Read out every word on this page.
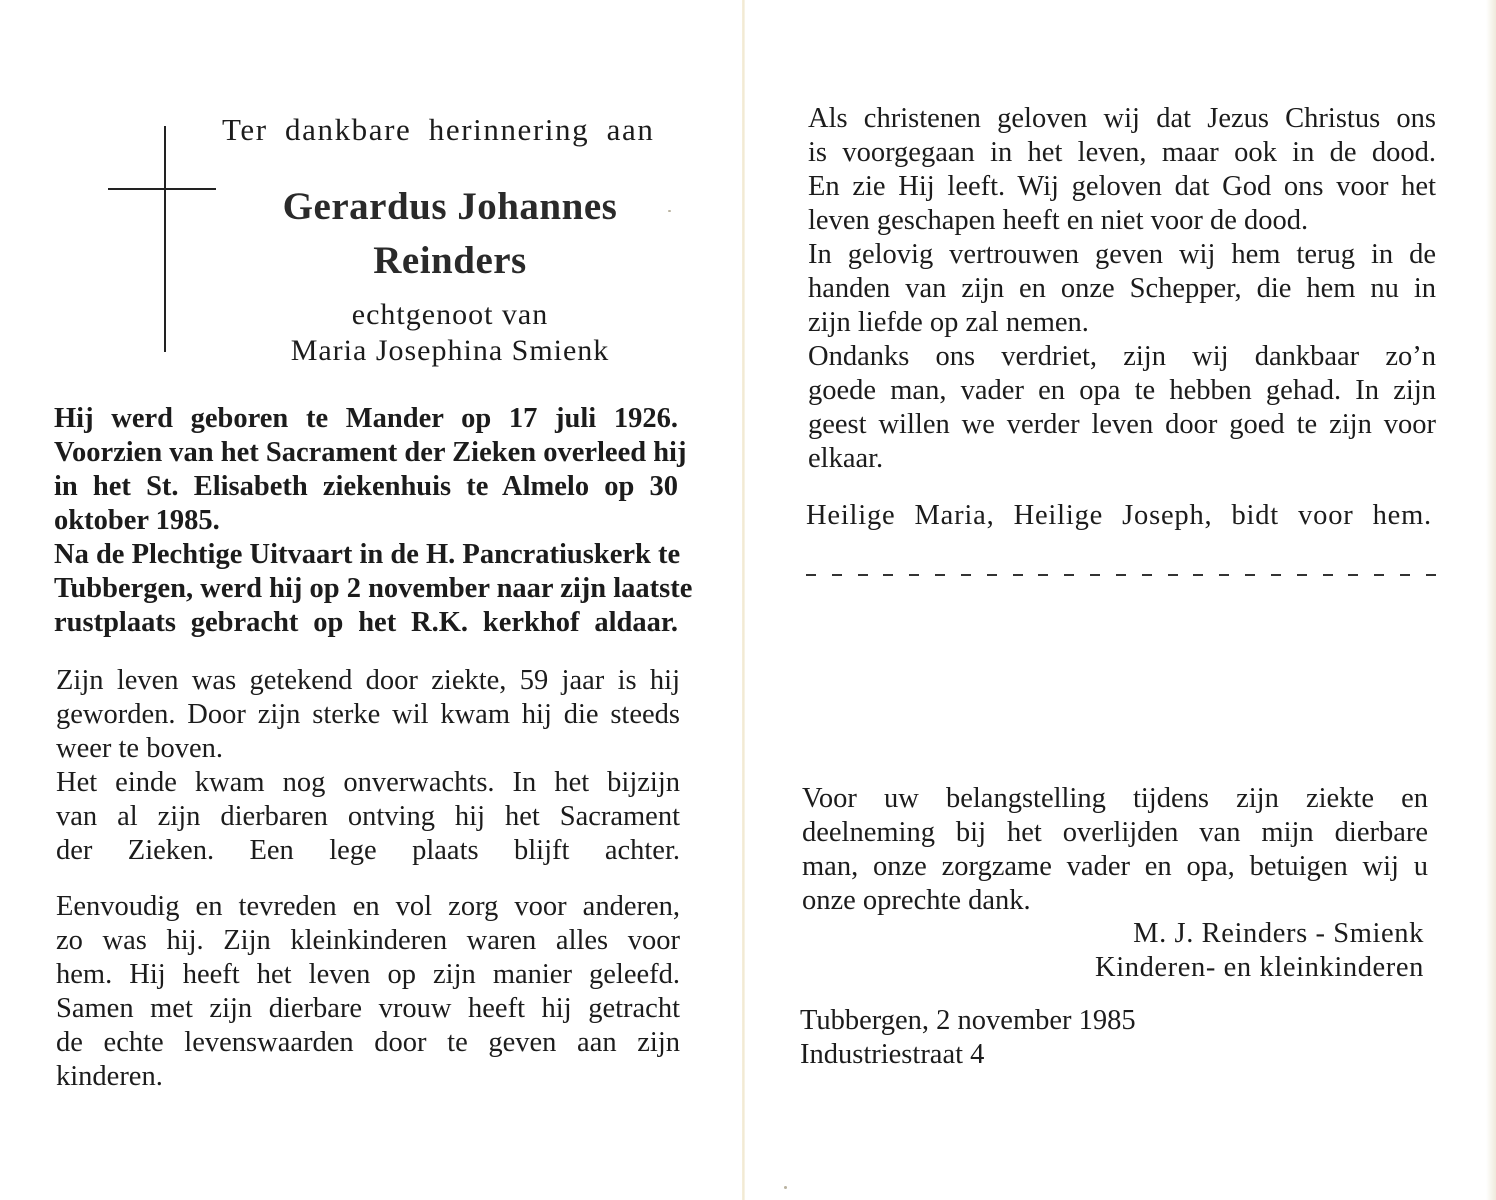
Ter dankbare herinnering aan
Gerardus Johannes
Reinders
echtgenoot van
Maria Josephina Smienk
Hij werd geboren te Mander op 17 juli 1926.
Voorzien van het Sacrament der Zieken overleed hij
in het St. Elisabeth ziekenhuis te Almelo op 30
oktober 1985.
Na de Plechtige Uitvaart in de H. Pancratiuskerk te
Tubbergen, werd hij op 2 november naar zijn laatste
rustplaats gebracht op het R.K. kerkhof aldaar.
Zijn leven was getekend door ziekte, 59 jaar is hij
geworden. Door zijn sterke wil kwam hij die steeds
weer te boven.
Het einde kwam nog onverwachts. In het bijzijn
van al zijn dierbaren ontving hij het Sacrament
der Zieken. Een lege plaats blijft achter.
Eenvoudig en tevreden en vol zorg voor anderen,
zo was hij. Zijn kleinkinderen waren alles voor
hem. Hij heeft het leven op zijn manier geleefd.
Samen met zijn dierbare vrouw heeft hij getracht
de echte levenswaarden door te geven aan zijn
kinderen.
Als christenen geloven wij dat Jezus Christus ons
is voorgegaan in het leven, maar ook in de dood.
En zie Hij leeft. Wij geloven dat God ons voor het
leven geschapen heeft en niet voor de dood.
In gelovig vertrouwen geven wij hem terug in de
handen van zijn en onze Schepper, die hem nu in
zijn liefde op zal nemen.
Ondanks ons verdriet, zijn wij dankbaar zo’n
goede man, vader en opa te hebben gehad. In zijn
geest willen we verder leven door goed te zijn voor
elkaar.
Heilige Maria, Heilige Joseph, bidt voor hem.
Voor uw belangstelling tijdens zijn ziekte en
deelneming bij het overlijden van mijn dierbare
man, onze zorgzame vader en opa, betuigen wij u
onze oprechte dank.
M. J. Reinders - Smienk
Kinderen- en kleinkinderen
Tubbergen, 2 november 1985
Industriestraat 4
